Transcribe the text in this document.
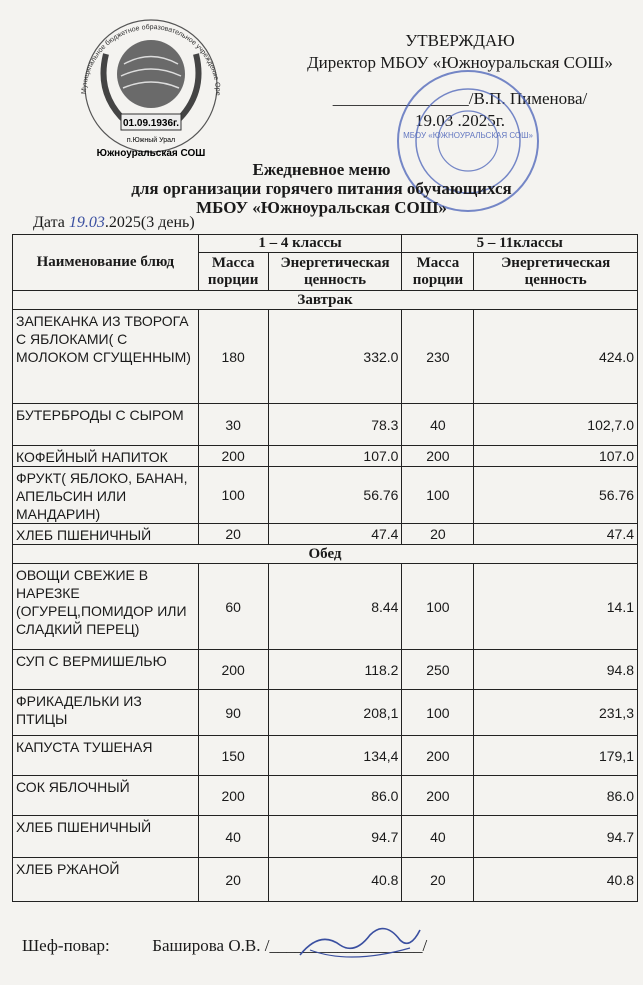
01.09.1936г.
п.Южный Урал
Южноуральская СОШ
Муниципальное бюджетное образовательное учреждение Оре
УТВЕРЖДАЮ
Директор МБОУ «Южноуральская СОШ»
________________/В.П. Пименова/
19.03 .2025г.
МБОУ «ЮЖНОУРАЛЬСКАЯ СОШ»
Ежедневное меню
для организации горячего питания обучающихся
МБОУ «Южноуральская СОШ»
Дата 19.03.2025(3 день)
Наименование блюд	1 – 4 классы		5 – 11классы	
	Масса порции	Энергетическая ценность	Масса порции	Энергетическая ценность
Завтрак				
ЗАПЕКАНКА ИЗ ТВОРОГА С ЯБЛОКАМИ( С МОЛОКОМ СГУЩЕННЫМ)	180	332.0	230	424.0
БУТЕРБРОДЫ С СЫРОМ	30	78.3	40	102,7.0
КОФЕЙНЫЙ НАПИТОК	200	107.0	200	107.0
ФРУКТ( ЯБЛОКО, БАНАН, АПЕЛЬСИН ИЛИ МАНДАРИН)	100	56.76	100	56.76
ХЛЕБ ПШЕНИЧНЫЙ	20	47.4	20	47.4
Обед				
ОВОЩИ СВЕЖИЕ В НАРЕЗКЕ (ОГУРЕЦ,ПОМИДОР ИЛИ СЛАДКИЙ ПЕРЕЦ)	60	8.44	100	14.1
СУП С ВЕРМИШЕЛЬЮ	200	118.2	250	94.8
ФРИКАДЕЛЬКИ ИЗ ПТИЦЫ	90	208,1	100	231,3
КАПУСТА ТУШЕНАЯ	150	134,4	200	179,1
СОК ЯБЛОЧНЫЙ	200	86.0	200	86.0
ХЛЕБ ПШЕНИЧНЫЙ	40	94.7	40	94.7
ХЛЕБ РЖАНОЙ	20	40.8	20	40.8
Шеф-повар:	Баширова О.В. /__________________/
